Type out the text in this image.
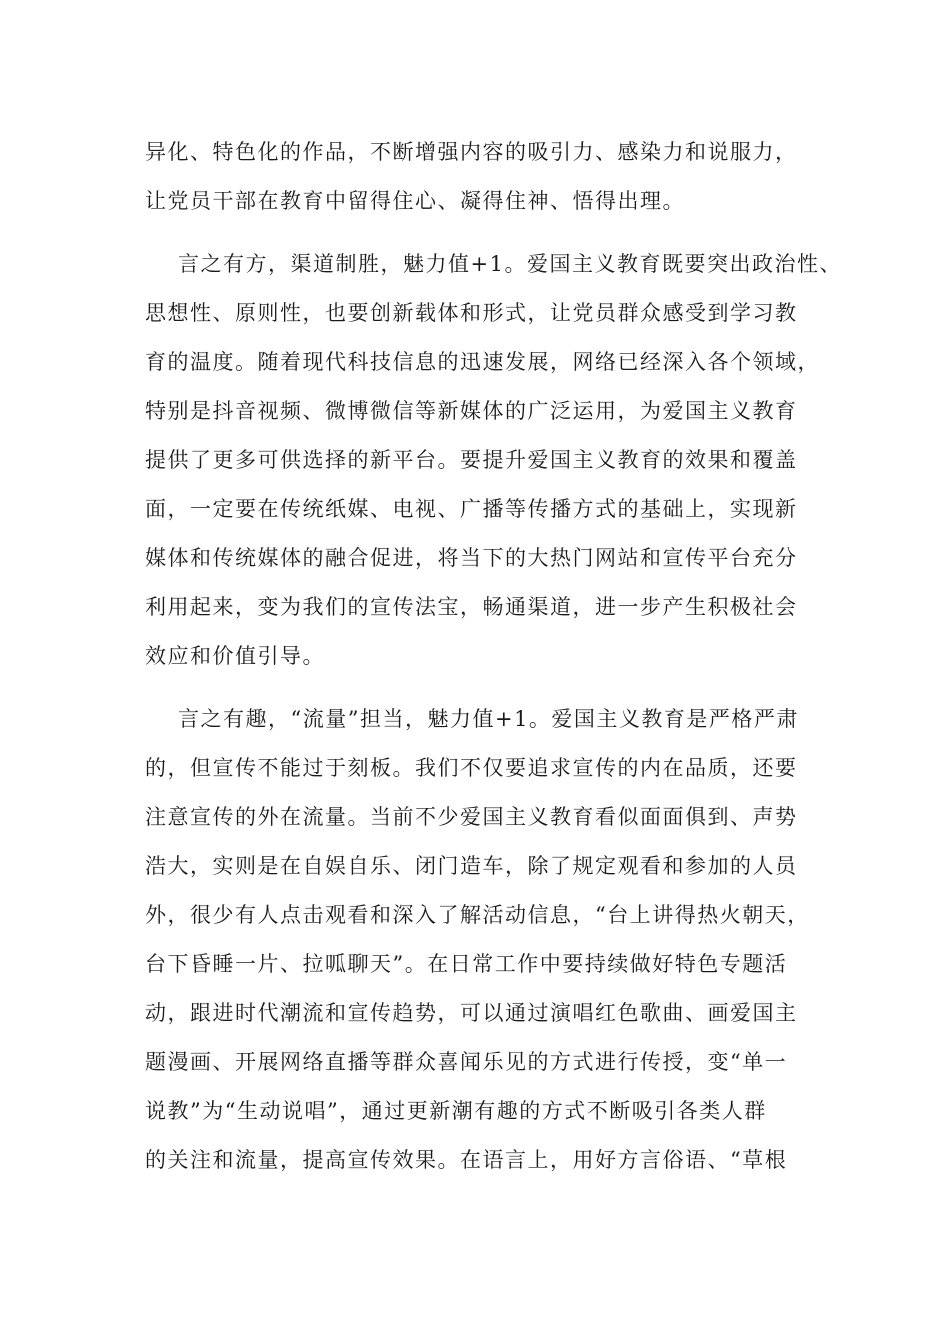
异化、特色化的作品，不断增强内容的吸引力、感染力和说服力，
让党员干部在教育中留得住心、凝得住神、悟得出理。
言之有方，渠道制胜，魅力值+1。爱国主义教育既要突出政治性、
思想性、原则性，也要创新载体和形式，让党员群众感受到学习教
育的温度。随着现代科技信息的迅速发展，网络已经深入各个领域，
特别是抖音视频、微博微信等新媒体的广泛运用，为爱国主义教育
提供了更多可供选择的新平台。要提升爱国主义教育的效果和覆盖
面，一定要在传统纸媒、电视、广播等传播方式的基础上，实现新
媒体和传统媒体的融合促进，将当下的大热门网站和宣传平台充分
利用起来，变为我们的宣传法宝，畅通渠道，进一步产生积极社会
效应和价值引导。
言之有趣，“流量”担当，魅力值+1。爱国主义教育是严格严肃
的，但宣传不能过于刻板。我们不仅要追求宣传的内在品质，还要
注意宣传的外在流量。当前不少爱国主义教育看似面面俱到、声势
浩大，实则是在自娱自乐、闭门造车，除了规定观看和参加的人员
外，很少有人点击观看和深入了解活动信息，“台上讲得热火朝天，
台下昏睡一片、拉呱聊天”。在日常工作中要持续做好特色专题活
动，跟进时代潮流和宣传趋势，可以通过演唱红色歌曲、画爱国主
题漫画、开展网络直播等群众喜闻乐见的方式进行传授，变“单一
说教”为“生动说唱”，通过更新潮有趣的方式不断吸引各类人群
的关注和流量，提高宣传效果。在语言上，用好方言俗语、“草根
